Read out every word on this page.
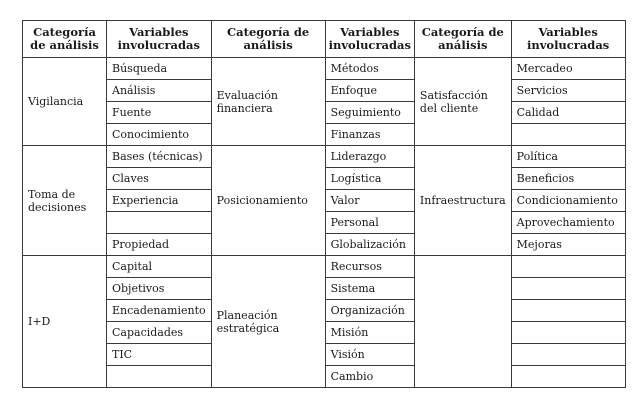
Categoría de análisis	Variables involucradas	Categoría de análisis	Variables involucradas	Categoría de análisis	Variables involucradas
Vigilancia	Búsqueda	Evaluación financiera	Métodos	Satisfacción del cliente	Mercadeo
	Análisis		Enfoque		Servicios
	Fuente		Seguimiento		Calidad
	Conocimiento		Finanzas		
Toma de decisiones	Bases (técnicas)	Posicionamiento	Liderazgo	Infraestructura	Política
	Claves		Logística		Beneficios
	Experiencia		Valor		Condicionamiento
			Personal		Aprovechamiento
	Propiedad		Globalización		Mejoras
I+D	Capital	Planeación estratégica	Recursos		
	Objetivos		Sistema		
	Encadenamiento		Organización		
	Capacidades		Misión		
	TIC		Visión		
			Cambio		
